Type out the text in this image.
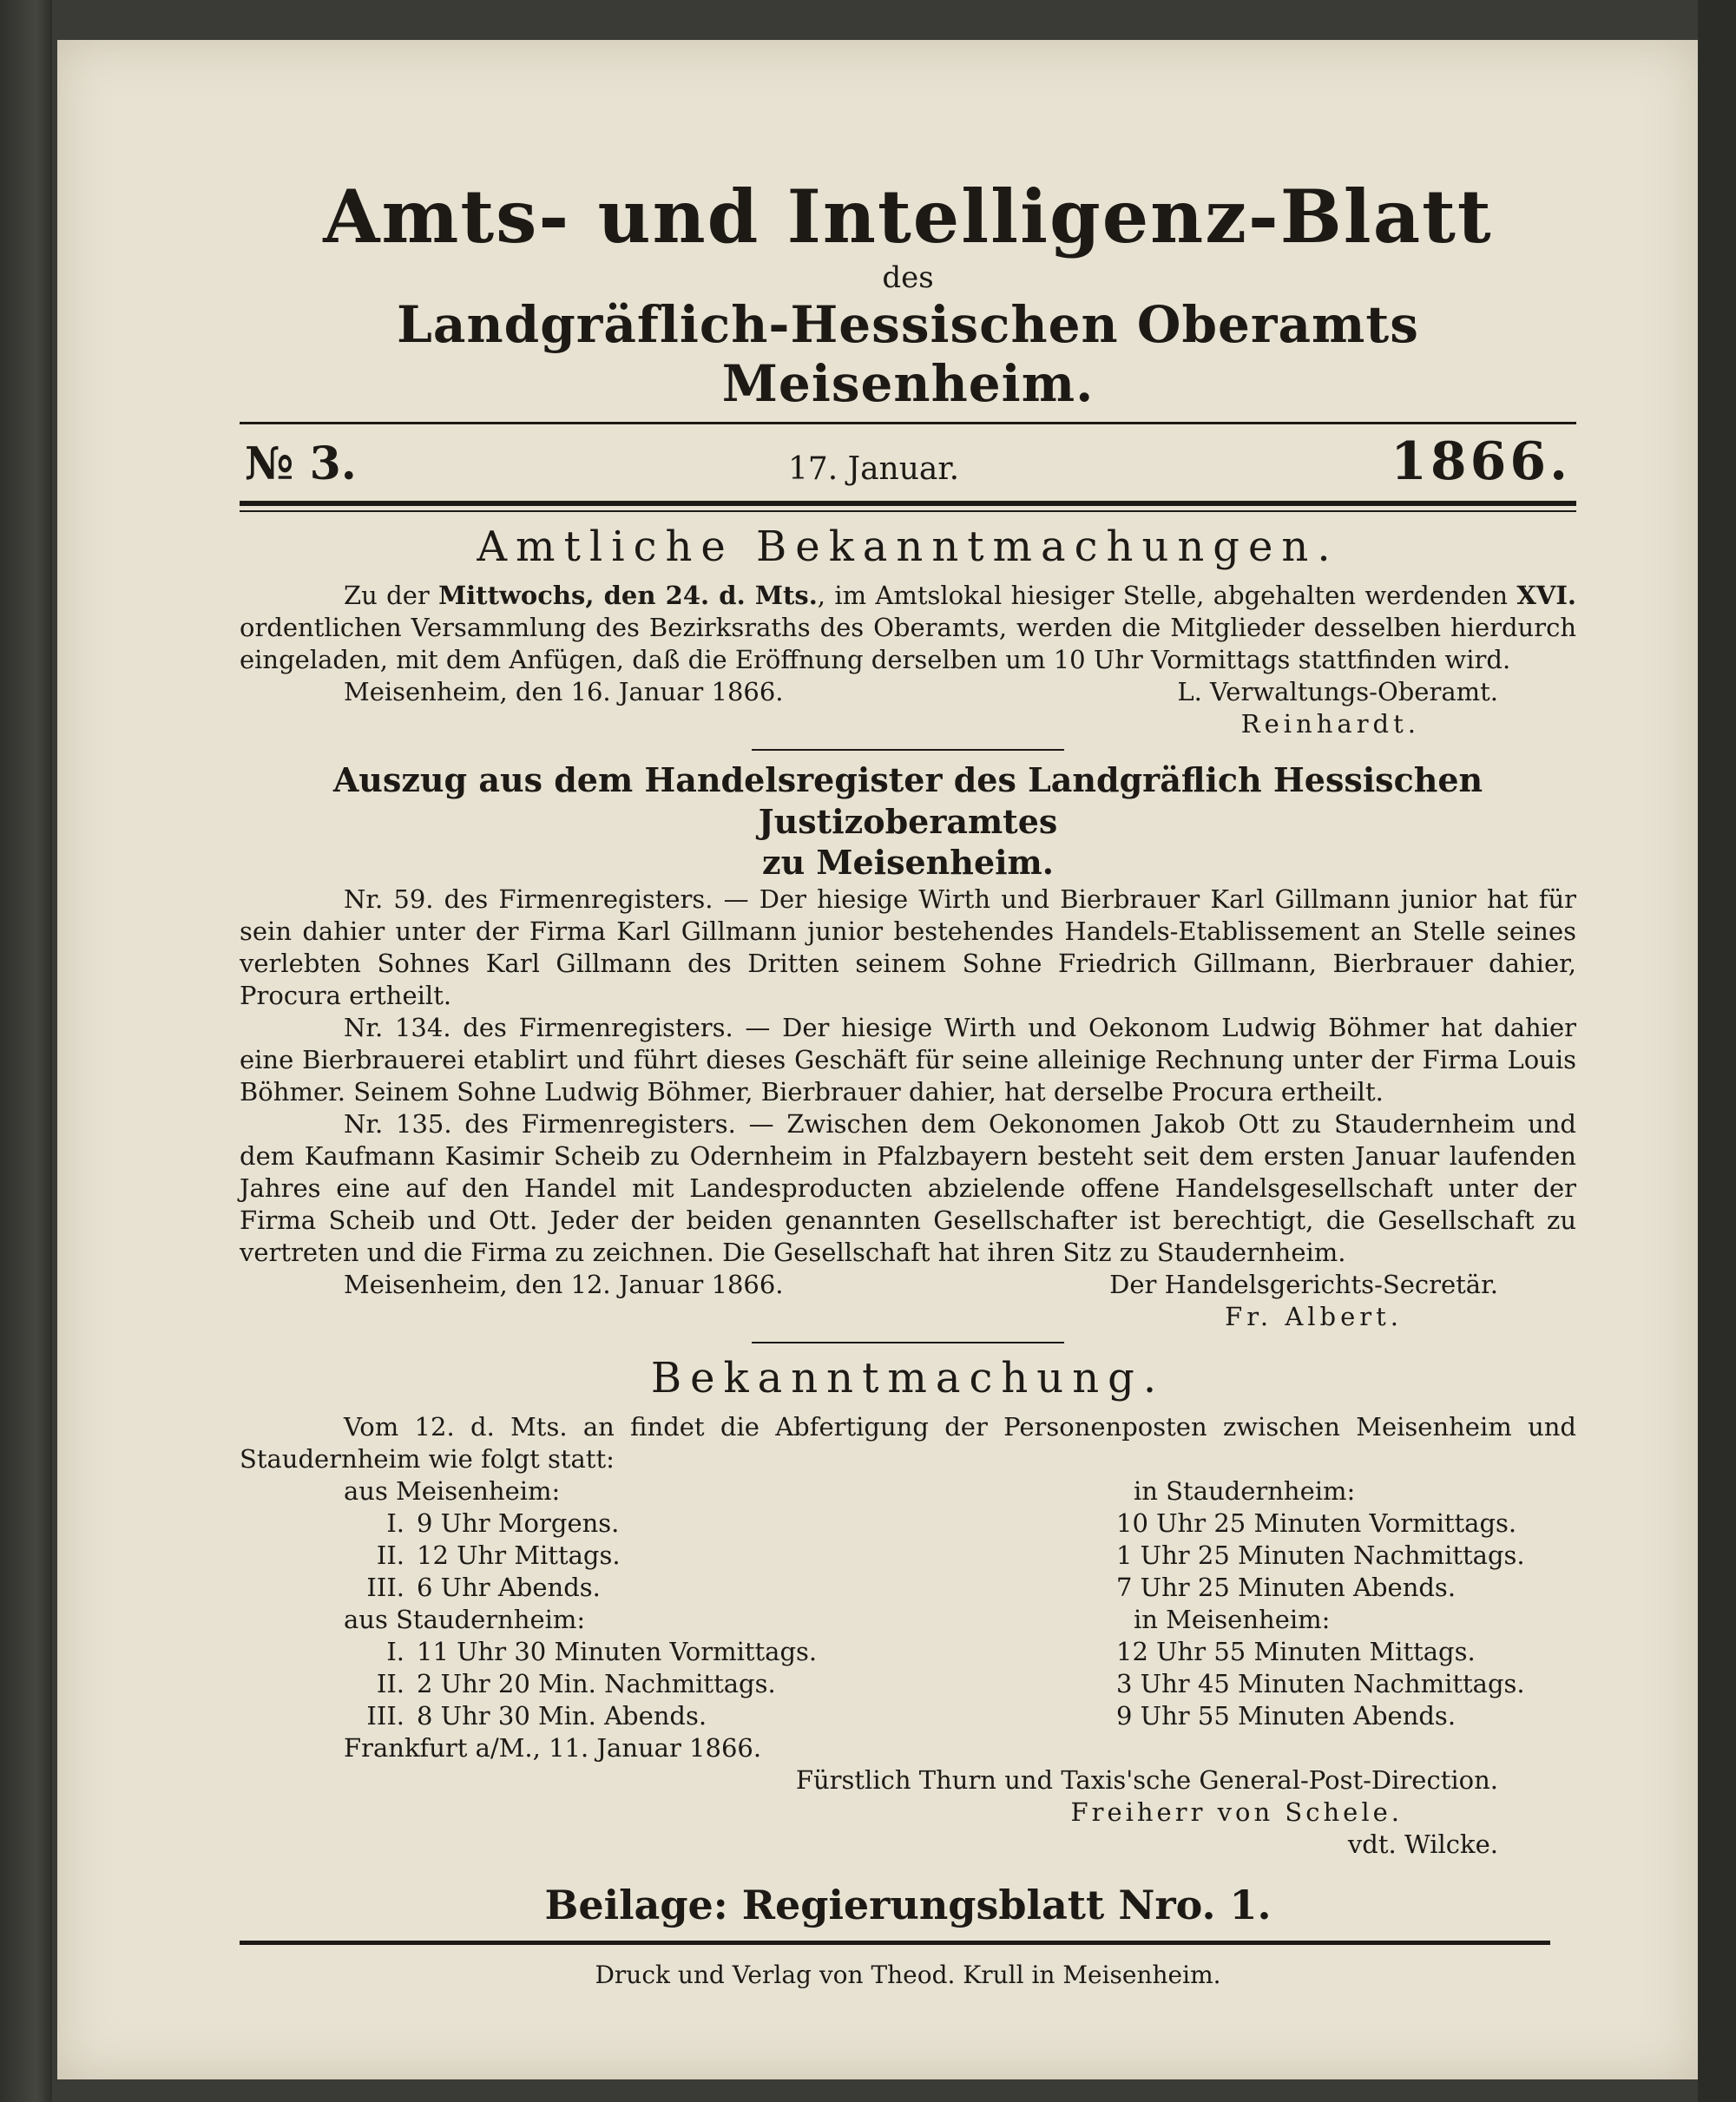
Amts- und Intelligenz-Blatt
des
Landgräflich-Hessischen Oberamts Meisenheim.
№ 3.	17. Januar.	1866.
Amtliche Bekanntmachungen.

Zu der Mittwochs, den 24. d. Mts., im Amtslokal hiesiger Stelle, abgehalten werdenden XVI. ordentlichen Versammlung des Bezirksraths des Oberamts, werden die Mitglieder desselben hierdurch eingeladen, mit dem Anfügen, daß die Eröffnung derselben um 10 Uhr Vormittags stattfinden wird.

Meisenheim, den 16. Januar 1866.	L. Verwaltungs-Oberamt.
Reinhardt.
Auszug aus dem Handelsregister des Landgräflich Hessischen Justizoberamtes
zu Meisenheim.

Nr. 59. des Firmenregisters. — Der hiesige Wirth und Bierbrauer Karl Gillmann junior hat für sein dahier unter der Firma Karl Gillmann junior bestehendes Handels-Etablissement an Stelle seines verlebten Sohnes Karl Gillmann des Dritten seinem Sohne Friedrich Gillmann, Bierbrauer dahier, Procura ertheilt.

Nr. 134. des Firmenregisters. — Der hiesige Wirth und Oekonom Ludwig Böhmer hat dahier eine Bierbrauerei etablirt und führt dieses Geschäft für seine alleinige Rechnung unter der Firma Louis Böhmer. Seinem Sohne Ludwig Böhmer, Bierbrauer dahier, hat derselbe Procura ertheilt.

Nr. 135. des Firmenregisters. — Zwischen dem Oekonomen Jakob Ott zu Staudernheim und dem Kaufmann Kasimir Scheib zu Odernheim in Pfalzbayern besteht seit dem ersten Januar laufenden Jahres eine auf den Handel mit Landesproducten abzielende offene Handelsgesellschaft unter der Firma Scheib und Ott. Jeder der beiden genannten Gesellschafter ist berechtigt, die Gesellschaft zu vertreten und die Firma zu zeichnen. Die Gesellschaft hat ihren Sitz zu Staudernheim.

Meisenheim, den 12. Januar 1866.	Der Handelsgerichts-Secretär.
Fr. Albert.
Bekanntmachung.

Vom 12. d. Mts. an findet die Abfertigung der Personenposten zwischen Meisenheim und Staudernheim wie folgt statt:

aus Meisenheim:	in Staudernheim:
I. 9 Uhr Morgens.	10 Uhr 25 Minuten Vormittags.
II. 12 Uhr Mittags.	1 Uhr 25 Minuten Nachmittags.
III. 6 Uhr Abends.	7 Uhr 25 Minuten Abends.
aus Staudernheim:	in Meisenheim:
I. 11 Uhr 30 Minuten Vormittags.	12 Uhr 55 Minuten Mittags.
II. 2 Uhr 20 Min. Nachmittags.	3 Uhr 45 Minuten Nachmittags.
III. 8 Uhr 30 Min. Abends.	9 Uhr 55 Minuten Abends.

Frankfurt a/M., 11. Januar 1866.

Fürstlich Thurn und Taxis'sche General-Post-Direction.

Freiherr von Schele.

vdt. Wilcke.

Beilage: Regierungsblatt Nro. 1.
Druck und Verlag von Theod. Krull in Meisenheim.
